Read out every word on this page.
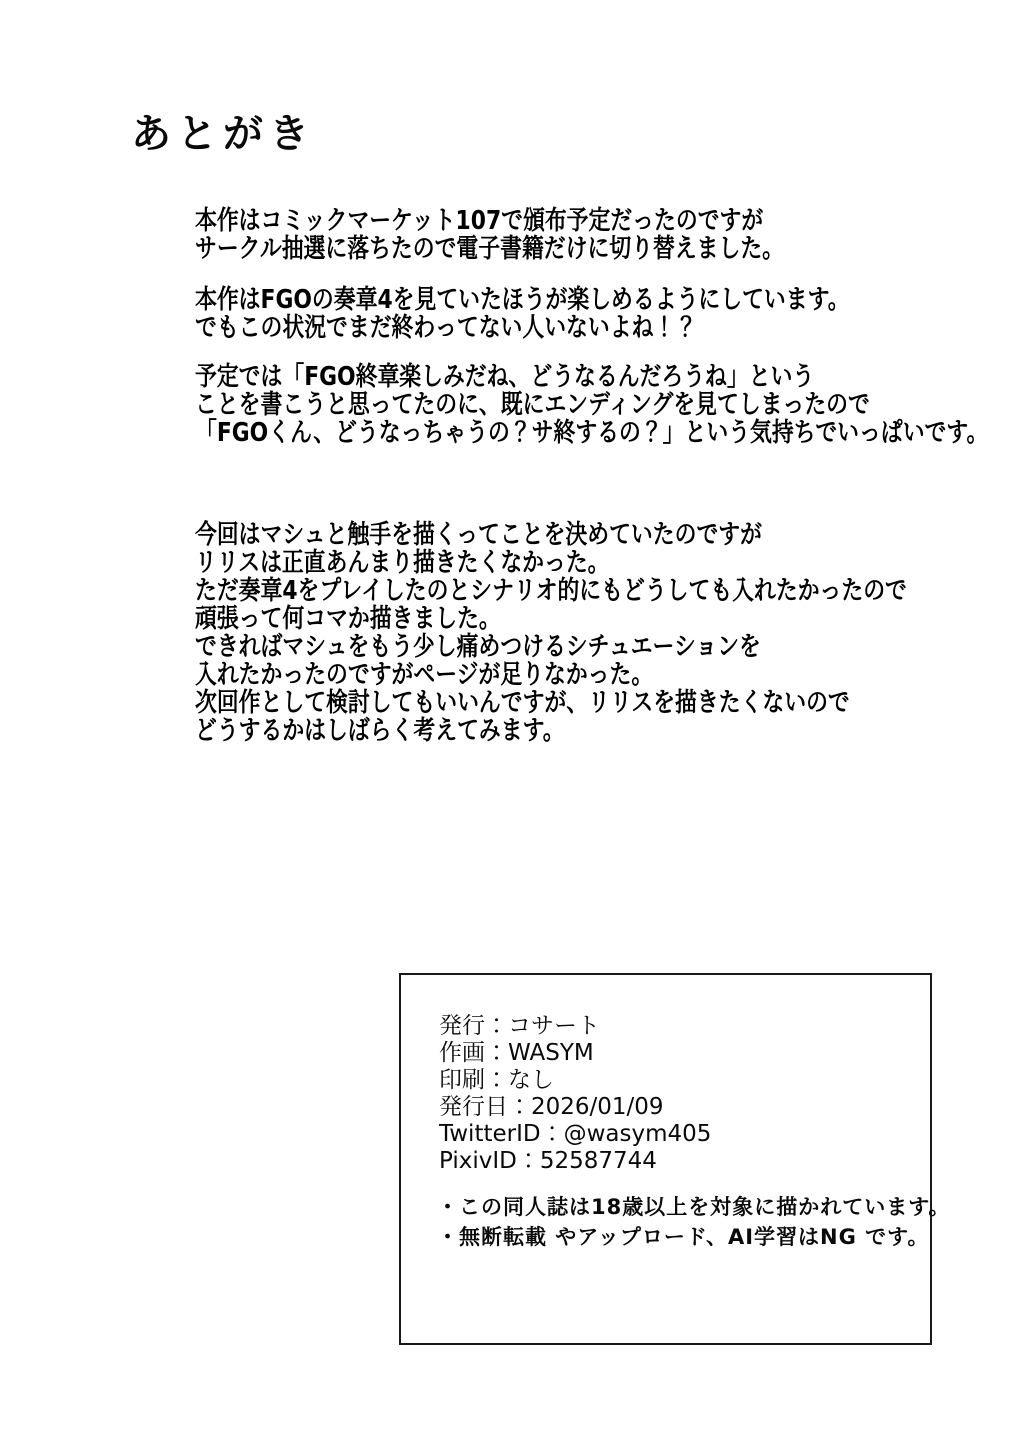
あとがき
本作はコミックマーケット107で頒布予定だったのですが
サークル抽選に落ちたので電子書籍だけに切り替えました。
本作はFGOの奏章4を見ていたほうが楽しめるようにしています。
でもこの状況でまだ終わってない人いないよね！？
予定では「FGO終章楽しみだね、どうなるんだろうね」という
ことを書こうと思ってたのに、既にエンディングを見てしまったので
「FGOくん、どうなっちゃうの？サ終するの？」という気持ちでいっぱいです。
今回はマシュと触手を描くってことを決めていたのですが
リリスは正直あんまり描きたくなかった。
ただ奏章4をプレイしたのとシナリオ的にもどうしても入れたかったので
頑張って何コマか描きました。
できればマシュをもう少し痛めつけるシチュエーションを
入れたかったのですがページが足りなかった。
次回作として検討してもいいんですが、リリスを描きたくないので
どうするかはしばらく考えてみます。
発行：コサート
作画：WASYM
印刷：なし
発行日：2026/01/09
TwitterID：@wasym405
PixivID：52587744
・この同人誌は18歳以上を対象に描かれています。
・無断転載 やアップロード、AI学習はNG です。
